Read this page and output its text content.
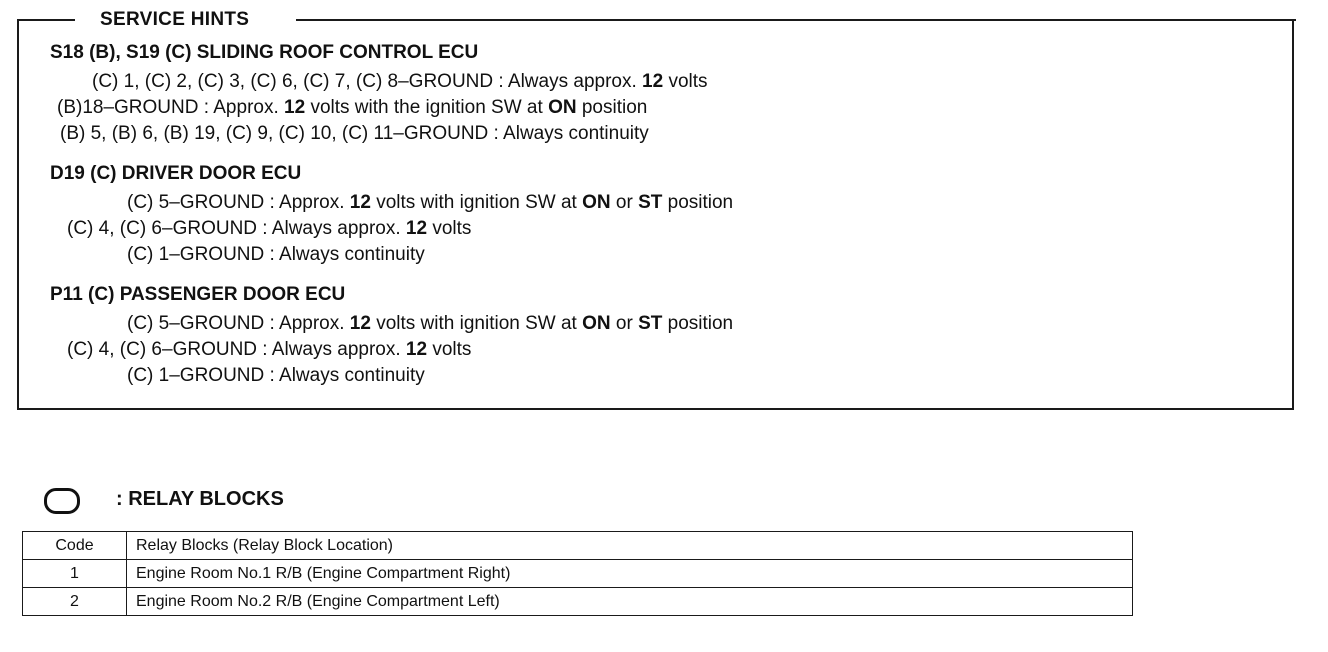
SERVICE HINTS
S18 (B), S19 (C) SLIDING ROOF CONTROL ECU
(C) 1, (C) 2, (C) 3, (C) 6, (C) 7, (C) 8–GROUND : Always approx. 12 volts
(B)18–GROUND : Approx. 12 volts with the ignition SW at ON position
(B) 5, (B) 6, (B) 19, (C) 9, (C) 10, (C) 11–GROUND : Always continuity
D19 (C) DRIVER DOOR ECU
(C) 5–GROUND : Approx. 12 volts with ignition SW at ON or ST position
(C) 4, (C) 6–GROUND : Always approx. 12 volts
(C) 1–GROUND : Always continuity
P11 (C) PASSENGER DOOR ECU
(C) 5–GROUND : Approx. 12 volts with ignition SW at ON or ST position
(C) 4, (C) 6–GROUND : Always approx. 12 volts
(C) 1–GROUND : Always continuity
: RELAY BLOCKS
Code	Relay Blocks (Relay Block Location)
1	Engine Room No.1 R/B (Engine Compartment Right)
2	Engine Room No.2 R/B (Engine Compartment Left)
